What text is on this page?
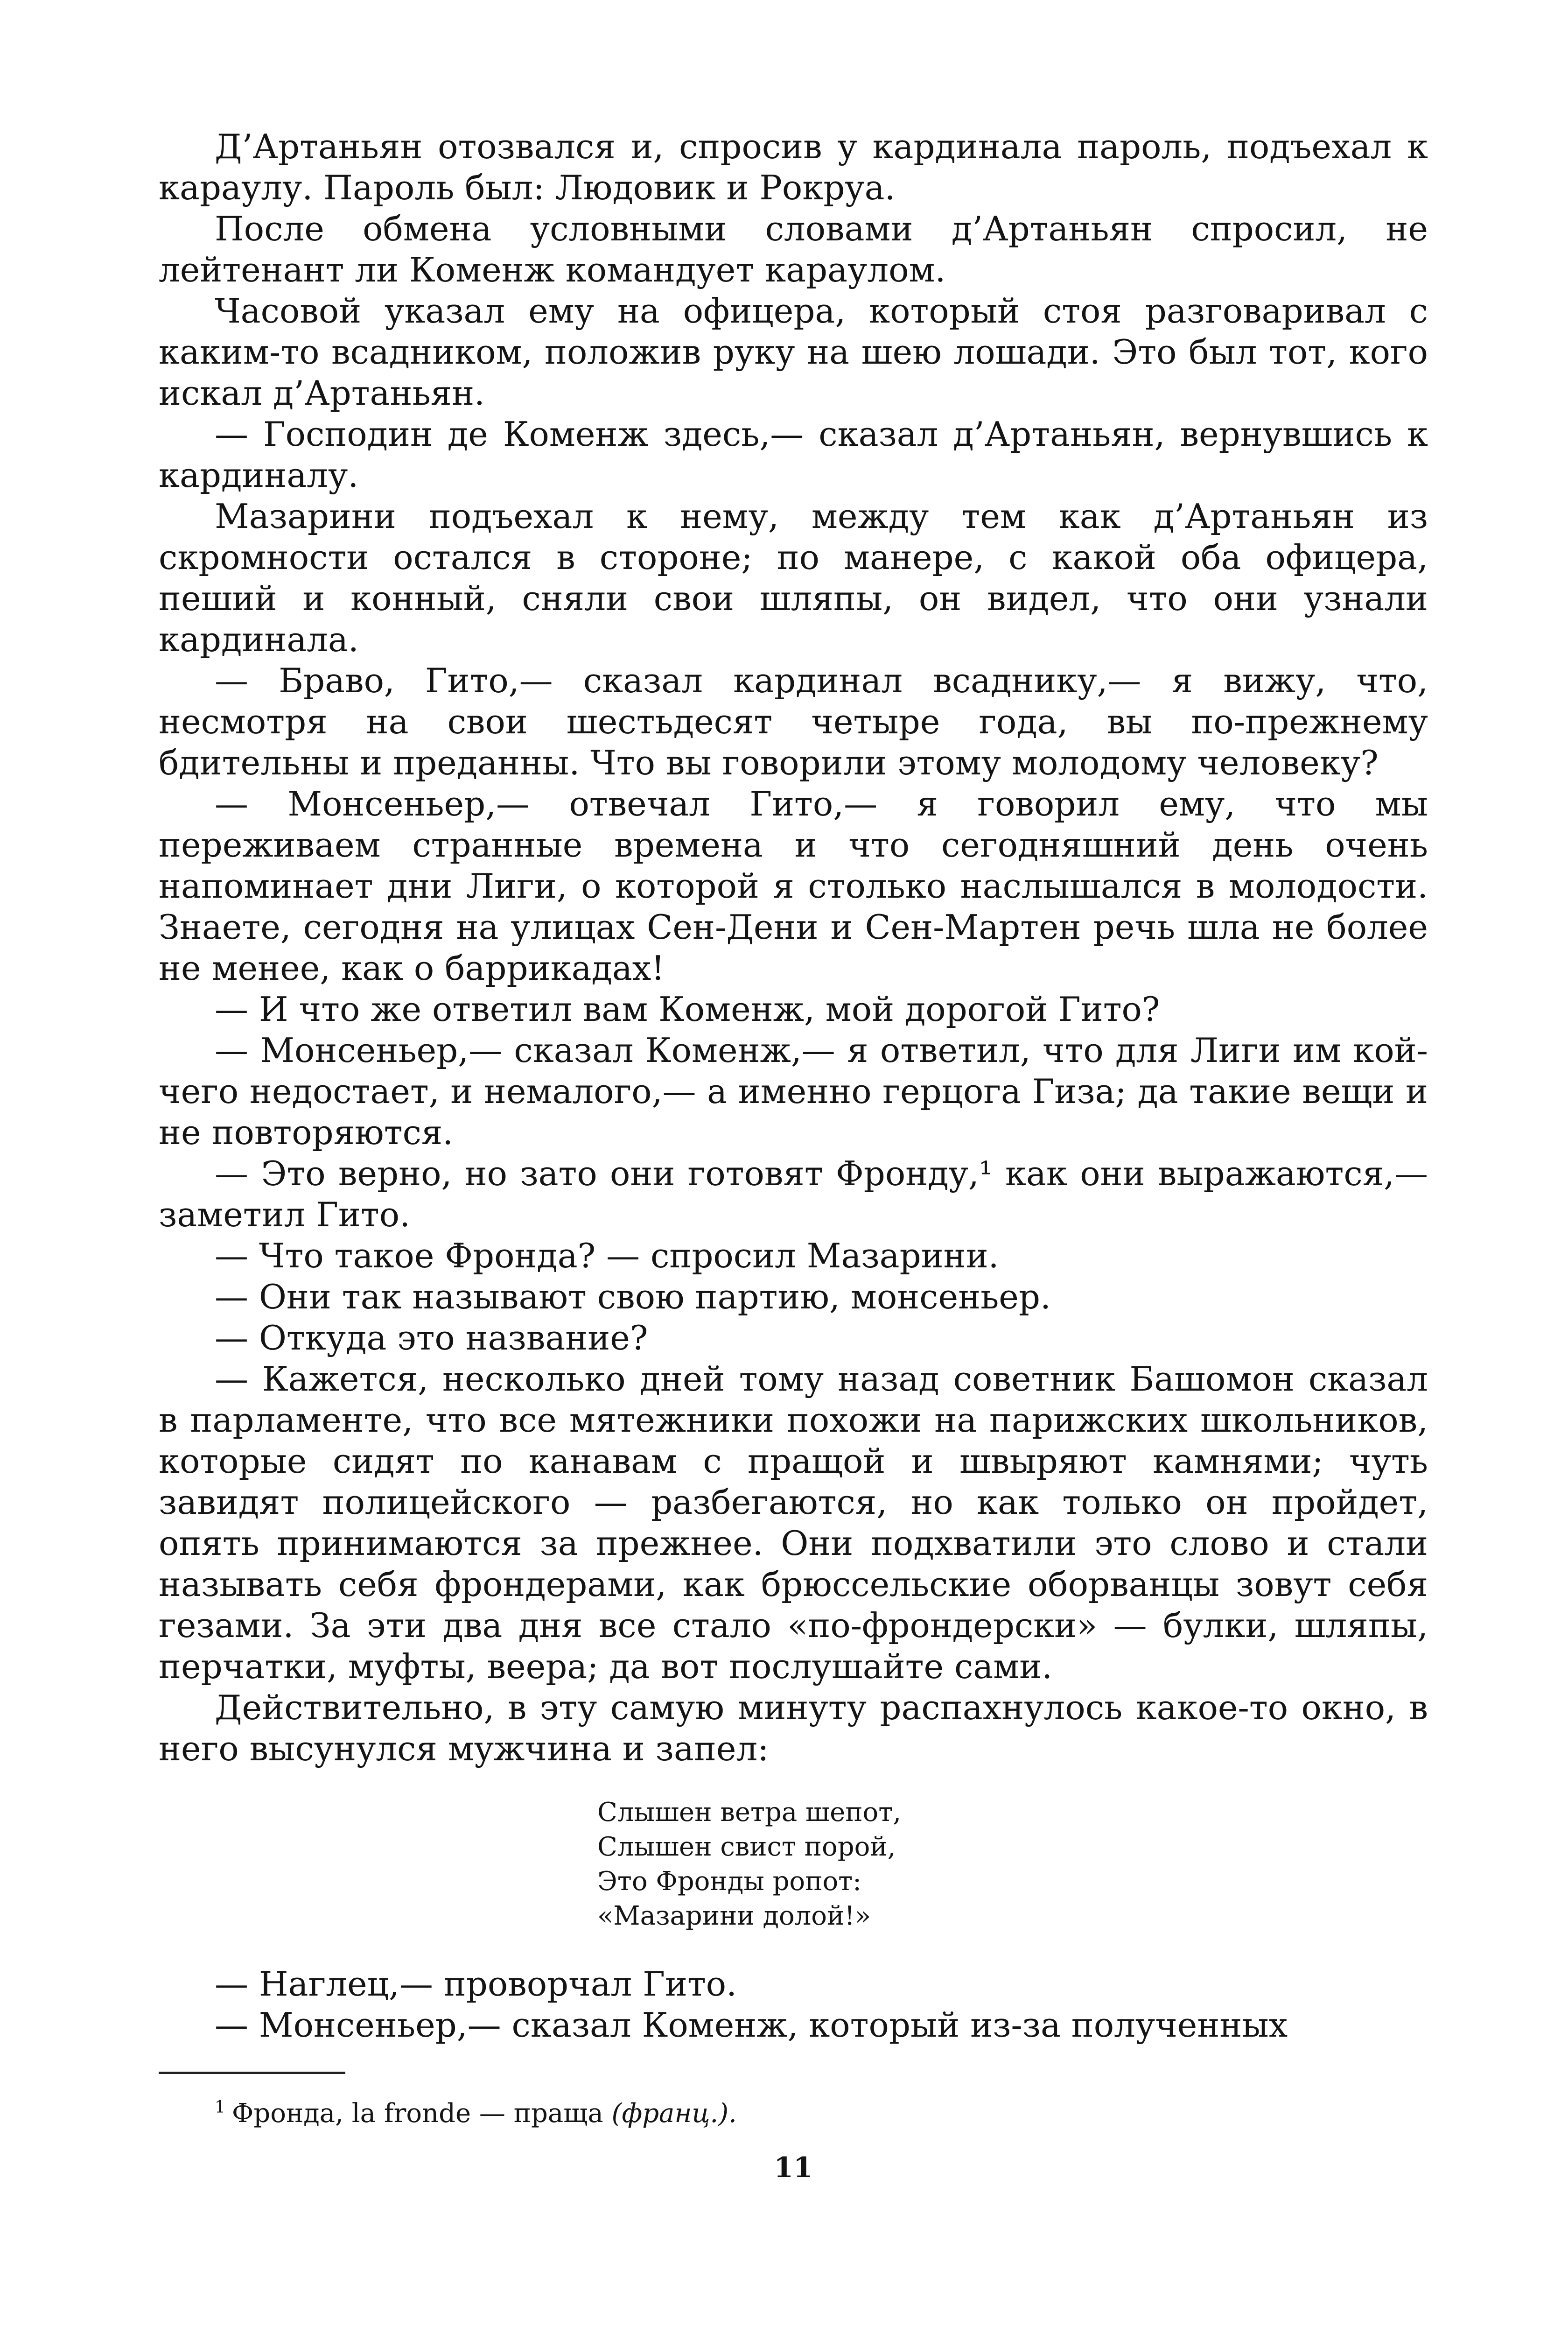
Д’Артаньян отозвался и, спросив у кардинала пароль, подъехал к караулу. Пароль был: Людовик и Рокруа.

После обмена условными словами д’Артаньян спросил, не лейтенант ли Коменж командует караулом.

Часовой указал ему на офицера, который стоя разговаривал с каким-то всадником, положив руку на шею лошади. Это был тот, кого искал д’Артаньян.

— Господин де Коменж здесь,— сказал д’Артаньян, вернувшись к кардиналу.

Мазарини подъехал к нему, между тем как д’Артаньян из скромности остался в стороне; по манере, с какой оба офицера, пеший и конный, сняли свои шляпы, он видел, что они узнали кардинала.

— Браво, Гито,— сказал кардинал всаднику,— я вижу, что, несмотря на свои шестьдесят четыре года, вы по-прежнему бдительны и преданны. Что вы говорили этому молодому человеку?

— Монсеньер,— отвечал Гито,— я говорил ему, что мы переживаем странные времена и что сегодняшний день очень напоминает дни Лиги, о которой я столько наслышался в молодости. Знаете, сегодня на улицах Сен-Дени и Сен-Мартен речь шла не более не менее, как о баррикадах!

— И что же ответил вам Коменж, мой дорогой Гито?

— Монсеньер,— сказал Коменж,— я ответил, что для Лиги им кой-чего недостает, и немалого,— а именно герцога Гиза; да такие вещи и не повторяются.

— Это верно, но зато они готовят Фронду,¹ как они выражаются,— заметил Гито.

— Что такое Фронда? — спросил Мазарини.

— Они так называют свою партию, монсеньер.

— Откуда это название?

— Кажется, несколько дней тому назад советник Башомон сказал в парламенте, что все мятежники похожи на парижских школьников, которые сидят по канавам с пращой и швыряют камнями; чуть завидят полицейского — разбегаются, но как только он пройдет, опять принимаются за прежнее. Они подхватили это слово и стали называть себя фрондерами, как брюссельские оборванцы зовут себя гезами. За эти два дня все стало «по-фрондерски» — булки, шляпы, перчатки, муфты, веера; да вот послушайте сами.

Действительно, в эту самую минуту распахнулось какое-то окно, в него высунулся мужчина и запел:

Слышен ветра шепот,
Слышен свист порой,
Это Фронды ропот:
«Мазарини долой!»

— Наглец,— проворчал Гито.

— Монсеньер,— сказал Коменж, который из-за полученных

$^1$ Фронда, la fronde — праща (франц.).

11
